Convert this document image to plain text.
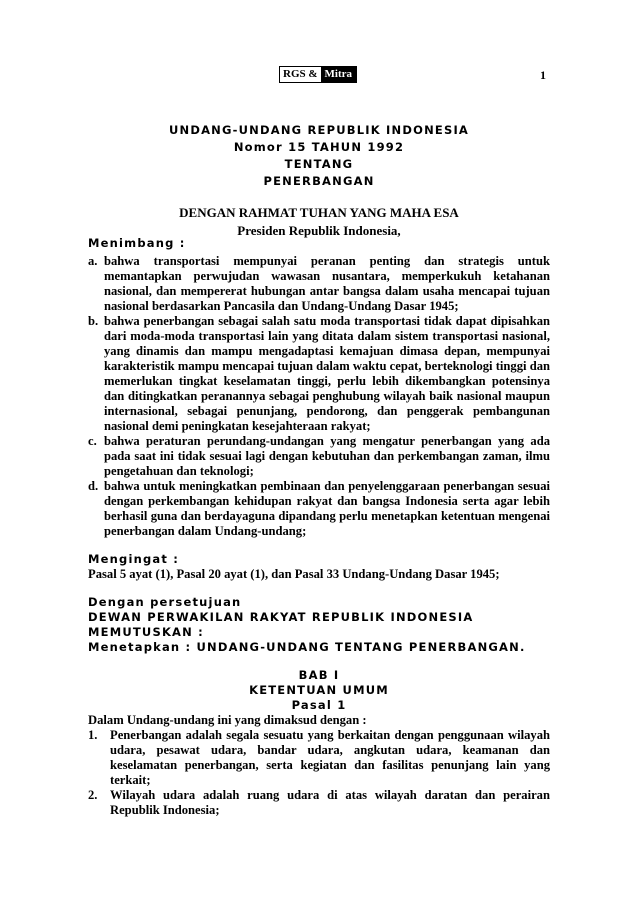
RGS & Mitra	1
UNDANG-UNDANG REPUBLIK INDONESIA
Nomor 15 TAHUN 1992
TENTANG
PENERBANGAN
DENGAN RAHMAT TUHAN YANG MAHA ESA
Presiden Republik Indonesia,
Menimbang :
a. bahwa transportasi mempunyai peranan penting dan strategis untuk memantapkan perwujudan wawasan nusantara, memperkukuh ketahanan nasional, dan mempererat hubungan antar bangsa dalam usaha mencapai tujuan nasional berdasarkan Pancasila dan Undang-Undang Dasar 1945;
b. bahwa penerbangan sebagai salah satu moda transportasi tidak dapat dipisahkan dari moda-moda transportasi lain yang ditata dalam sistem transportasi nasional, yang dinamis dan mampu mengadaptasi kemajuan dimasa depan, mempunyai karakteristik mampu mencapai tujuan dalam waktu cepat, berteknologi tinggi dan memerlukan tingkat keselamatan tinggi, perlu lebih dikembangkan potensinya dan ditingkatkan peranannya sebagai penghubung wilayah baik nasional maupun internasional, sebagai penunjang, pendorong, dan penggerak pembangunan nasional demi peningkatan kesejahteraan rakyat;
c. bahwa peraturan perundang-undangan yang mengatur penerbangan yang ada pada saat ini tidak sesuai lagi dengan kebutuhan dan perkembangan zaman, ilmu pengetahuan dan teknologi;
d. bahwa untuk meningkatkan pembinaan dan penyelenggaraan penerbangan sesuai dengan perkembangan kehidupan rakyat dan bangsa Indonesia serta agar lebih berhasil guna dan berdayaguna dipandang perlu menetapkan ketentuan mengenai penerbangan dalam Undang-undang;
Mengingat :
Pasal 5 ayat (1), Pasal 20 ayat (1), dan Pasal 33 Undang-Undang Dasar 1945;
Dengan persetujuan
DEWAN PERWAKILAN RAKYAT REPUBLIK INDONESIA
MEMUTUSKAN :
Menetapkan : UNDANG-UNDANG TENTANG PENERBANGAN.
BAB I
KETENTUAN UMUM
Pasal 1
Dalam Undang-undang ini yang dimaksud dengan :
1. Penerbangan adalah segala sesuatu yang berkaitan dengan penggunaan wilayah udara, pesawat udara, bandar udara, angkutan udara, keamanan dan keselamatan penerbangan, serta kegiatan dan fasilitas penunjang lain yang terkait;
2. Wilayah udara adalah ruang udara di atas wilayah daratan dan perairan Republik Indonesia;
